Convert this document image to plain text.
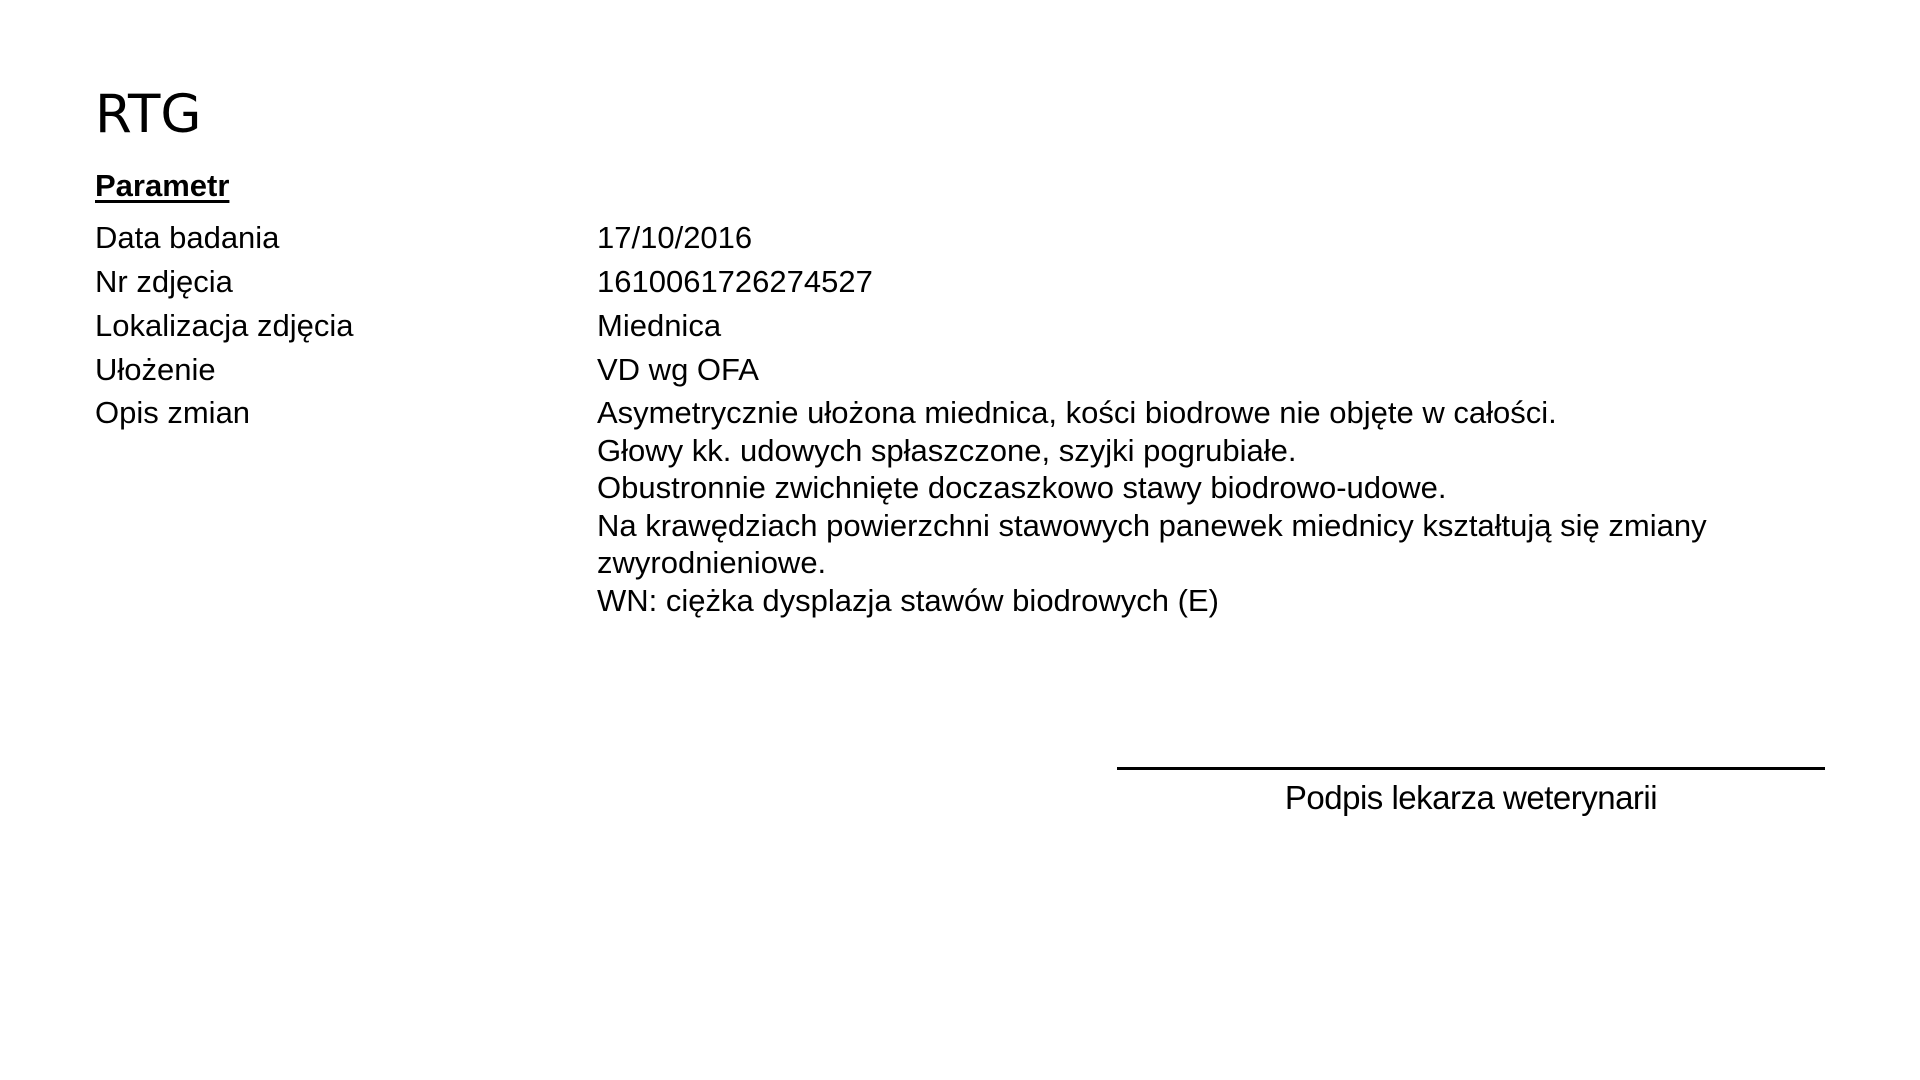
RTG
Parametr
Data badania	17/10/2016
Nr zdjęcia	1610061726274527
Lokalizacja zdjęcia	Miednica
Ułożenie	VD wg OFA
Opis zmian	Asymetrycznie ułożona miednica, kości biodrowe nie objęte w całości.
Głowy kk. udowych spłaszczone, szyjki pogrubiałe.
Obustronnie zwichnięte doczaszkowo stawy biodrowo-udowe.
Na krawędziach powierzchni stawowych panewek miednicy kształtują się zmiany
zwyrodnieniowe.
WN: ciężka dysplazja stawów biodrowych (E)
Podpis lekarza weterynarii
